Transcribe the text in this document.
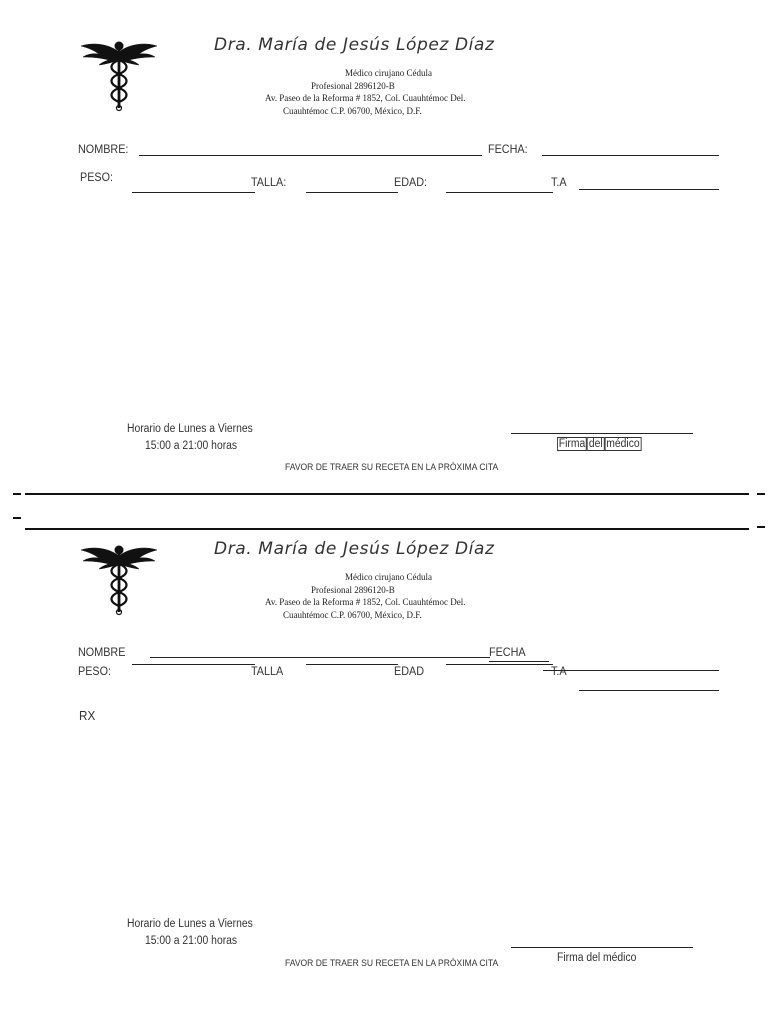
Dra. María de Jesús López Díaz
Médico cirujano Cédula
Profesional 2896120-B
Av. Paseo de la Reforma # 1852, Col. Cuauhtémoc Del.
Cuauhtémoc C.P. 06700, México, D.F.
NOMBRE:	FECHA:
PESO:	TALLA:	EDAD:	T.A
Horario de Lunes a Viernes
15:00 a 21:00 horas
FAVOR DE TRAER SU RECETA EN LA PRÓXIMA CITA
Firma del médico
Dra. María de Jesús López Díaz
Médico cirujano Cédula
Profesional 2896120-B
Av. Paseo de la Reforma # 1852, Col. Cuauhtémoc Del.
Cuauhtémoc C.P. 06700, México, D.F.
NOMBRE	FECHA
PESO:	TALLA	EDAD	T.A
RX
Horario de Lunes a Viernes
15:00 a 21:00 horas
FAVOR DE TRAER SU RECETA EN LA PRÓXIMA CITA	Firma del médico
